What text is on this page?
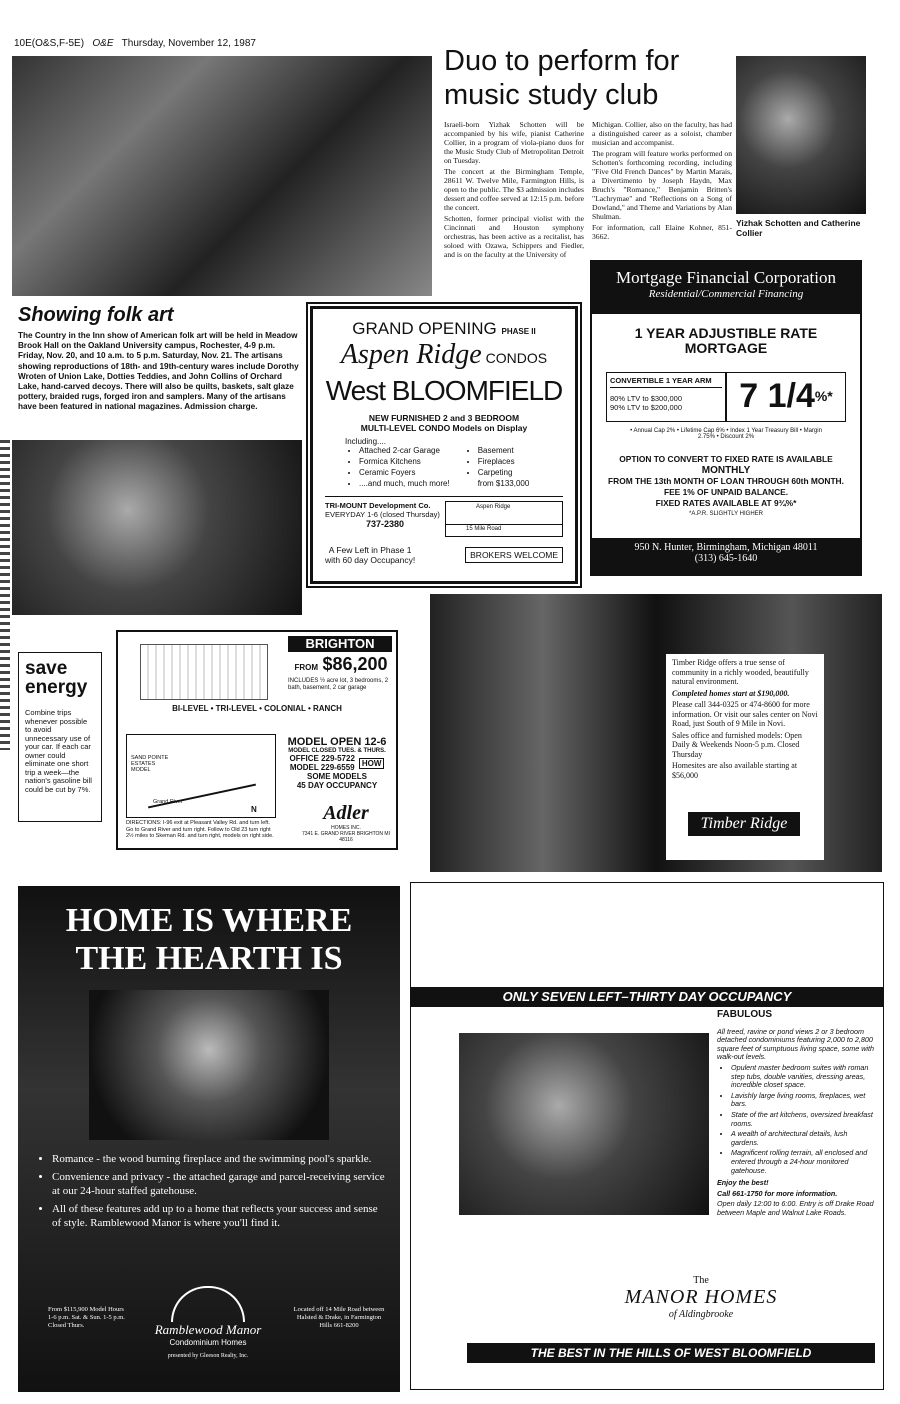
10E(O&S,F-5E) O&E Thursday, November 12, 1987
Showing folk art
The Country in the Inn show of American folk art will be held in Meadow Brook Hall on the Oakland University campus, Rochester, 4-9 p.m. Friday, Nov. 20, and 10 a.m. to 5 p.m. Saturday, Nov. 21. The artisans showing reproductions of 18th- and 19th-century wares include Dorothy Wroten of Union Lake, Dotties Teddies, and John Collins of Orchard Lake, hand-carved decoys. There will also be quilts, baskets, salt glaze pottery, braided rugs, forged iron and samplers. Many of the artisans have been featured in national magazines. Admission charge.
Duo to perform for music study club

Israeli-born Yizhak Schotten will be accompanied by his wife, pianist Catherine Collier, in a program of viola-piano duos for the Music Study Club of Metropolitan Detroit on Tuesday.

The concert at the Birmingham Temple, 28611 W. Twelve Mile, Farmington Hills, is open to the public. The $3 admission includes dessert and coffee served at 12:15 p.m. before the concert.

Schotten, former principal violist with the Cincinnati and Houston symphony orchestras, has been active as a recitalist, has soloed with Ozawa, Schippers and Fiedler, and is on the faculty at the University of

Michigan. Collier, also on the faculty, has had a distinguished career as a soloist, chamber musician and accompanist.

The program will feature works performed on Schotten's forthcoming recording, including "Five Old French Dances" by Martin Marais, a Divertimento by Joseph Haydn, Max Bruch's "Romance," Benjamin Britten's "Lachrymae" and "Reflections on a Song of Dowland," and Theme and Variations by Alan Shulman.

For information, call Elaine Kohner, 851-3662.

Yizhak Schotten and Catherine Collier
Mortgage Financial Corporation
Residential/Commercial Financing
1 YEAR ADJUSTIBLE RATE MORTGAGE
CONVERTIBLE 1 YEAR ARM
80% LTV to $300,000
90% LTV to $200,000	7 1/4%*
• Annual Cap 2% • Lifetime Cap 6% • Index 1 Year Treasury Bill • Margin 2.75% • Discount 2%
OPTION TO CONVERT TO FIXED RATE IS AVAILABLE
MONTHLY
FROM THE 13th MONTH OF LOAN THROUGH 60th MONTH.
FEE 1% OF UNPAID BALANCE.
FIXED RATES AVAILABLE AT 9¾%*
*A.P.R. SLIGHTLY HIGHER
950 N. Hunter, Birmingham, Michigan 48011
(313) 645-1640
GRAND OPENING PHASE II
Aspen Ridge CONDOS
West BLOOMFIELD
NEW FURNISHED 2 and 3 BEDROOM
MULTI-LEVEL CONDO Models on Display
Including....
• Attached 2-car Garage
• Formica Kitchens
• Ceramic Foyers
• ....and much, much more!
• Basement
• Fireplaces
• Carpeting
from $133,000
TRI-MOUNT Development Co.
EVERYDAY 1-6 (closed Thursday)
737-2380
Aspen Ridge
15 Mile Road
A Few Left in Phase 1
with 60 day Occupancy!	BROKERS WELCOME
save
energy
Combine trips whenever possible to avoid unnecessary use of your car. If each car owner could eliminate one short trip a week—the nation's gasoline bill could be cut by 7%.
BRIGHTON
FROM $86,200
INCLUDES ½ acre lot, 3 bedrooms, 2 bath, basement, 2 car garage
BI-LEVEL • TRI-LEVEL • COLONIAL • RANCH
SAND POINTE ESTATES MODEL
Grand River
N
MODEL OPEN 12-6
MODEL CLOSED TUES. & THURS.
OFFICE 229-5722
MODEL 229-6559 HOW
SOME MODELS
45 DAY OCCUPANCY
DIRECTIONS: I-96 exit at Pleasant Valley Rd. and turn left. Go to Grand River and turn right. Follow to Old 23 turn right 2½ miles to Skeman Rd. and turn right, models on right side.
Adler
HOMES INC.
7341 E. GRAND RIVER BRIGHTON MI 48116

Timber Ridge offers a true sense of community in a richly wooded, beautifully natural environment.

Completed homes start at $190,000.

Please call 344-0325 or 474-8600 for more information. Or visit our sales center on Novi Road, just South of 9 Mile in Novi.

Sales office and furnished models: Open Daily & Weekends Noon-5 p.m. Closed Thursday

Homesites are also available starting at $56,000

Timber Ridge
Another Fine Community
By Selective Homes
HOME IS WHERE
THE HEARTH IS
• Romance - the wood burning fireplace and the swimming pool's sparkle.
• Convenience and privacy - the attached garage and parcel-receiving service at our 24-hour staffed gatehouse.
• All of these features add up to a home that reflects your success and sense of style. Ramblewood Manor is where you'll find it.
From $115,900 Model Hours 1-6 p.m. Sat. & Sun. 1-5 p.m. Closed Thurs.	Ramblewood Manor
Condominium Homes
presented by Gleeson Realty, Inc.
Located off 14 Mile Road between Halsted & Drake, in Farmington Hills 661-8200
ONLY SEVEN LEFT–THIRTY DAY OCCUPANCY
FABULOUS

All treed, ravine or pond views 2 or 3 bedroom detached condominiums featuring 2,000 to 2,800 square feet of sumptuous living space, some with walk-out levels.

• Opulent master bedroom suites with roman step tubs, double vanities, dressing areas, incredible closet space.
• Lavishly large living rooms, fireplaces, wet bars.
• State of the art kitchens, oversized breakfast rooms.
• A wealth of architectural details, lush gardens.
• Magnificent rolling terrain, all enclosed and entered through a 24-hour monitored gatehouse.

Enjoy the best!

Call 661-1750 for more information.

Open daily 12:00 to 6:00. Entry is off Drake Road between Maple and Walnut Lake Roads.

The
MANOR HOMES
of Aldingbrooke
THE BEST IN THE HILLS OF WEST BLOOMFIELD
